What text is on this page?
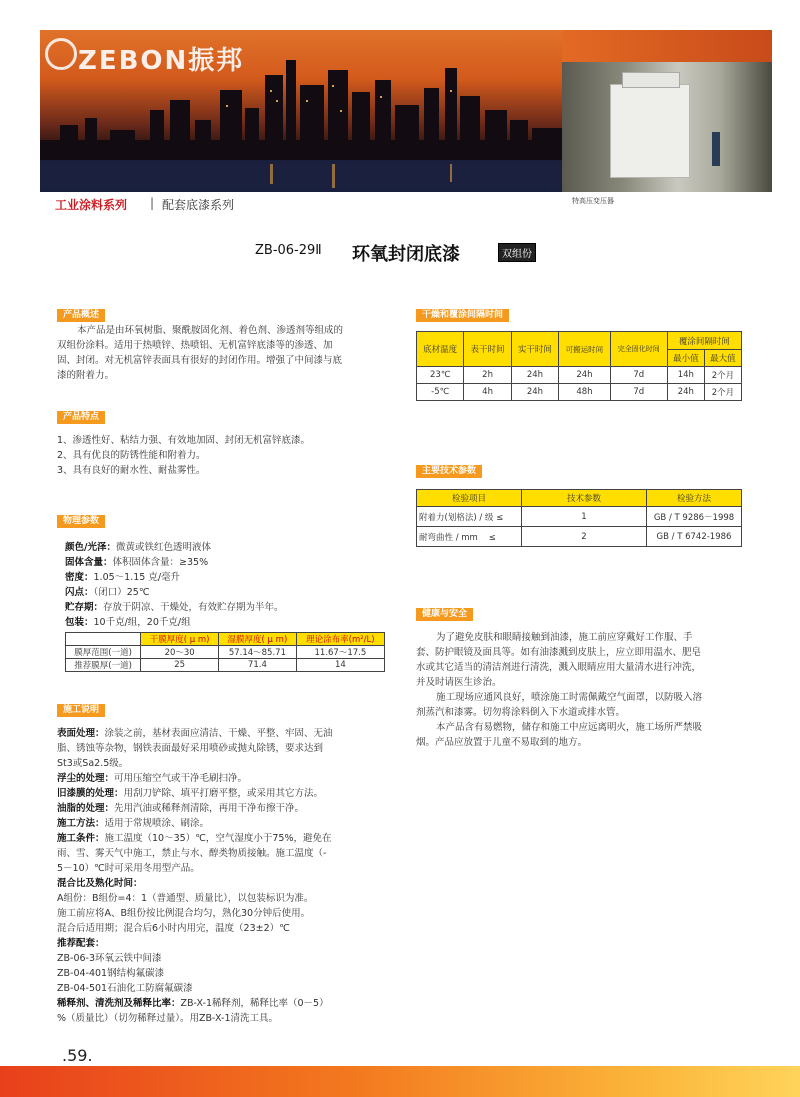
ZEBON振邦
工业涂料系列 | 配套底漆系列	特高压变压器
ZB-06-29Ⅱ 环氧封闭底漆	双组份
产品概述
本产品是由环氧树脂、聚酰胺固化剂、着色剂、渗透剂等组成的
双组份涂料。适用于热喷锌、热喷铝、无机富锌底漆等的渗透、加
固、封闭。对无机富锌表面具有很好的封闭作用。增强了中间漆与底
漆的附着力。
产品特点
1、渗透性好、粘结力强、有效地加固、封闭无机富锌底漆。
2、具有优良的防锈性能和附着力。
3、具有良好的耐水性、耐盐雾性。
物理参数
颜色/光泽：微黄或铁红色透明液体
固体含量：体积固体含量：≥35%
密度：1.05～1.15 克/毫升
闪点：（闭口）25℃
贮存期：存放于阴凉、干燥处，有效贮存期为半年。
包装：10千克/组，20千克/组
	干膜厚度( μ m)	湿膜厚度( μ m)	理论涂布率(m²/L)
膜厚范围(一道)	20～30	57.14～85.71	11.67～17.5
推荐膜厚(一道)	25	71.4	14
施工说明
表面处理：涂装之前，基材表面应清洁、干燥、平整、牢固、无油
脂、锈蚀等杂物，钢铁表面最好采用喷砂或抛丸除锈，要求达到
St3或Sa2.5级。
浮尘的处理：可用压缩空气或干净毛刷扫净。
旧漆膜的处理：用刮刀铲除、填平打磨平整，或采用其它方法。
油脂的处理：先用汽油或稀释剂清除，再用干净布擦干净。
施工方法：适用于常规喷涂、刷涂。
施工条件：施工温度（10～35）℃，空气湿度小于75%，避免在
雨、雪、雾天气中施工，禁止与水、醇类物质接触。施工温度（-
5－10）℃时可采用冬用型产品。
混合比及熟化时间：
A组份：B组份=4：1（普通型、质量比），以包装标识为准。
施工前应将A、B组份按比例混合均匀，熟化30分钟后使用。
混合后适用期；混合后6小时内用完，温度（23±2）℃
推荐配套：
ZB-06-3环氧云铁中间漆
ZB-04-401钢结构氟碳漆
ZB-04-501石油化工防腐氟碳漆
稀释剂、清洗剂及稀释比率：ZB-X-1稀释剂，稀释比率（0－5）
%（质量比）（切勿稀释过量）。用ZB-X-1清洗工具。
干燥和覆涂间隔时间
底材温度	表干时间	实干时间	可搬运时间	完全固化时间	覆涂间隔时间	
					最小值	最大值
23℃	2h	24h	24h	7d	14h	2个月
-5℃	4h	24h	48h	7d	24h	2个月
主要技术参数
检验项目	技术参数	检验方法
附着力(划格法) / 级 ≤	1	GB / T 9286－1998
耐弯曲性 / mm    ≤	2	GB / T 6742-1986
健康与安全
为了避免皮肤和眼睛接触到油漆，施工前应穿戴好工作服、手
套、防护眼镜及面具等。如有油漆溅到皮肤上，应立即用温水、肥皂
水或其它适当的清洁剂进行清洗，溅入眼睛应用大量清水进行冲洗，
并及时请医生诊治。
施工现场应通风良好，喷涂施工时需佩戴空气面罩，以防吸入溶
剂蒸汽和漆雾。切勿将涂料倒入下水道或排水管。
本产品含有易燃物，储存和施工中应远离明火，施工场所严禁吸
烟。产品应放置于儿童不易取到的地方。
.59.
